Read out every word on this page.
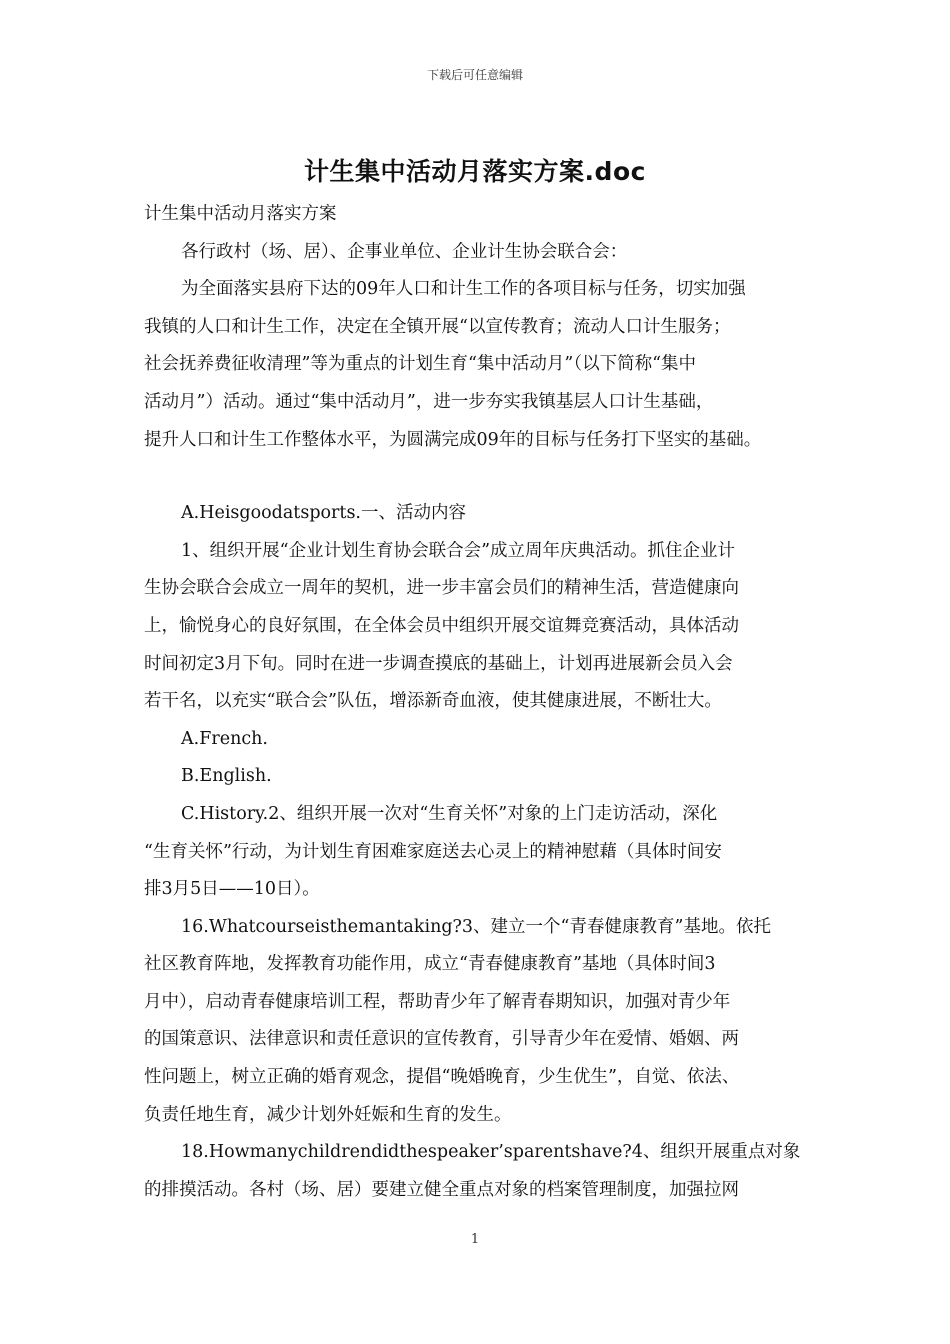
下载后可任意编辑
计生集中活动月落实方案.doc
计生集中活动月落实方案
各行政村（场、居）、企事业单位、企业计生协会联合会：
为全面落实县府下达的09年人口和计生工作的各项目标与任务，切实加强
我镇的人口和计生工作，决定在全镇开展“以宣传教育；流动人口计生服务；
社会抚养费征收清理”等为重点的计划生育“集中活动月”（以下简称“集中
活动月”）活动。通过“集中活动月”，进一步夯实我镇基层人口计生基础，
提升人口和计生工作整体水平，为圆满完成09年的目标与任务打下坚实的基础。
A.Heisgoodatsports.一、活动内容
1、组织开展“企业计划生育协会联合会”成立周年庆典活动。抓住企业计
生协会联合会成立一周年的契机，进一步丰富会员们的精神生活，营造健康向
上，愉悦身心的良好氛围，在全体会员中组织开展交谊舞竞赛活动，具体活动
时间初定3月下旬。同时在进一步调查摸底的基础上，计划再进展新会员入会
若干名，以充实“联合会”队伍，增添新奇血液，使其健康进展，不断壮大。
A.French.
B.English.
C.History.2、组织开展一次对“生育关怀”对象的上门走访活动，深化
“生育关怀”行动，为计划生育困难家庭送去心灵上的精神慰藉（具体时间安
排3月5日——10日）。
16.Whatcourseisthemantaking?3、建立一个“青春健康教育”基地。依托
社区教育阵地，发挥教育功能作用，成立“青春健康教育”基地（具体时间3
月中），启动青春健康培训工程，帮助青少年了解青春期知识，加强对青少年
的国策意识、法律意识和责任意识的宣传教育，引导青少年在爱情、婚姻、两
性问题上，树立正确的婚育观念，提倡“晚婚晚育，少生优生”，自觉、依法、
负责任地生育，减少计划外妊娠和生育的发生。
18.Howmanychildrendidthespeaker’sparentshave?4、组织开展重点对象
的排摸活动。各村（场、居）要建立健全重点对象的档案管理制度，加强拉网
1
